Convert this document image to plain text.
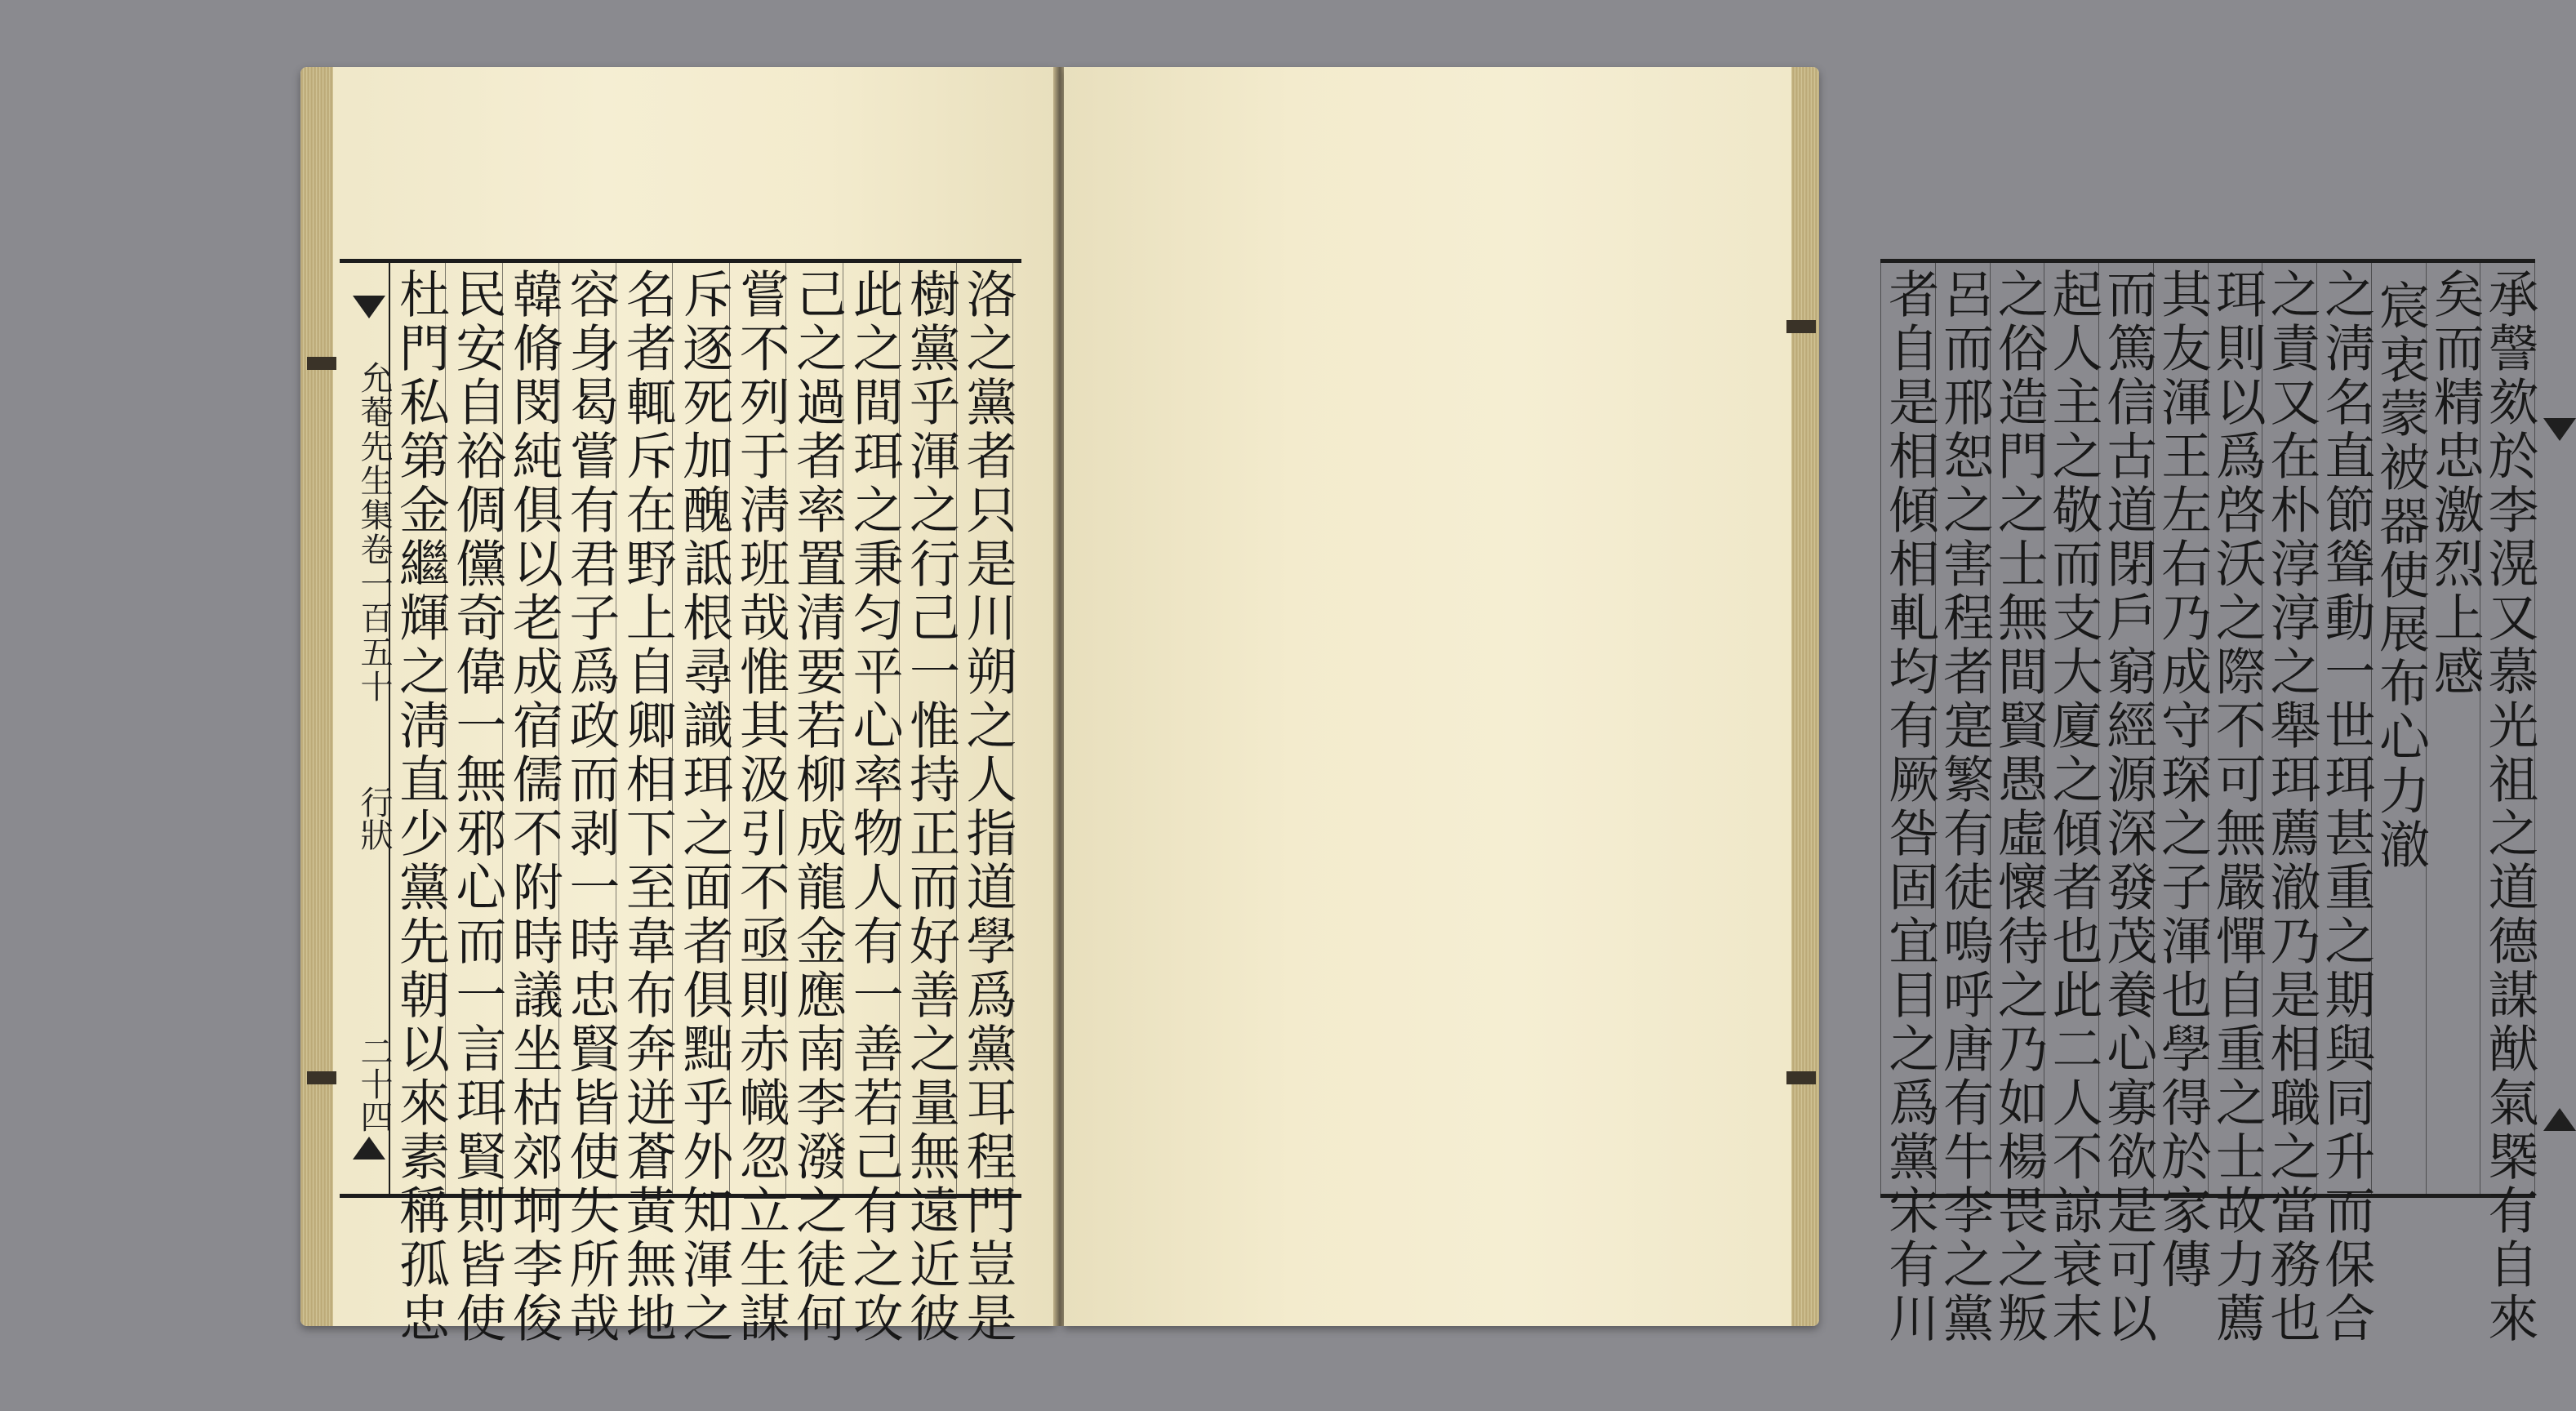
允菴先生集卷一百五十
行狀
二十四	洛之黨者只是川朔之人指道學爲黨耳程門豈是
樹黨乎渾之行己一惟持正而好善之量無遠近彼
此之間珥之秉匀平心率物人有一善若己有之攻
己之過者率置清要若柳成龍金應南李潑之徒何
嘗不列于淸班哉惟其汲引不亟則赤幟忽立生謀
斥逐死加醜詆根尋識珥之面者俱黜乎外知渾之
名者輒斥在野上自卿相下至韋布奔迸蒼黃無地
容身曷嘗有君子爲政而剥一時忠賢皆使失所哉
韓脩閔純俱以老成宿儒不附時議坐枯郊坰李俊
民安自裕倜儻奇偉一無邪心而一言珥賢則皆使
杜門私第金繼輝之淸直少黨先朝以來素稱孤忠	承謦欬於李滉又慕光祖之道德謀猷氣槩有自來
矣而精忠激烈上感
宸衷蒙被器使展布心力澈
之淸名直節聳動一世珥甚重之期與同升而保合
之責又在朴淳淳之舉珥薦澈乃是相職之當務也
珥則以爲啓沃之際不可無嚴憚自重之士故力薦
其友渾王左右乃成守琛之子渾也學得於家傳
而篤信古道閉戶窮經源深發茂養心寡欲是可以
起人主之敬而支大廈之傾者也此二人不諒衰末
之俗造門之士無間賢愚虛懷待之乃如楊畏之叛
呂而邢恕之害程者寔繁有徒嗚呼唐有牛李之黨
者自是相傾相軋均有厥咎固宜目之爲黨宋有川
